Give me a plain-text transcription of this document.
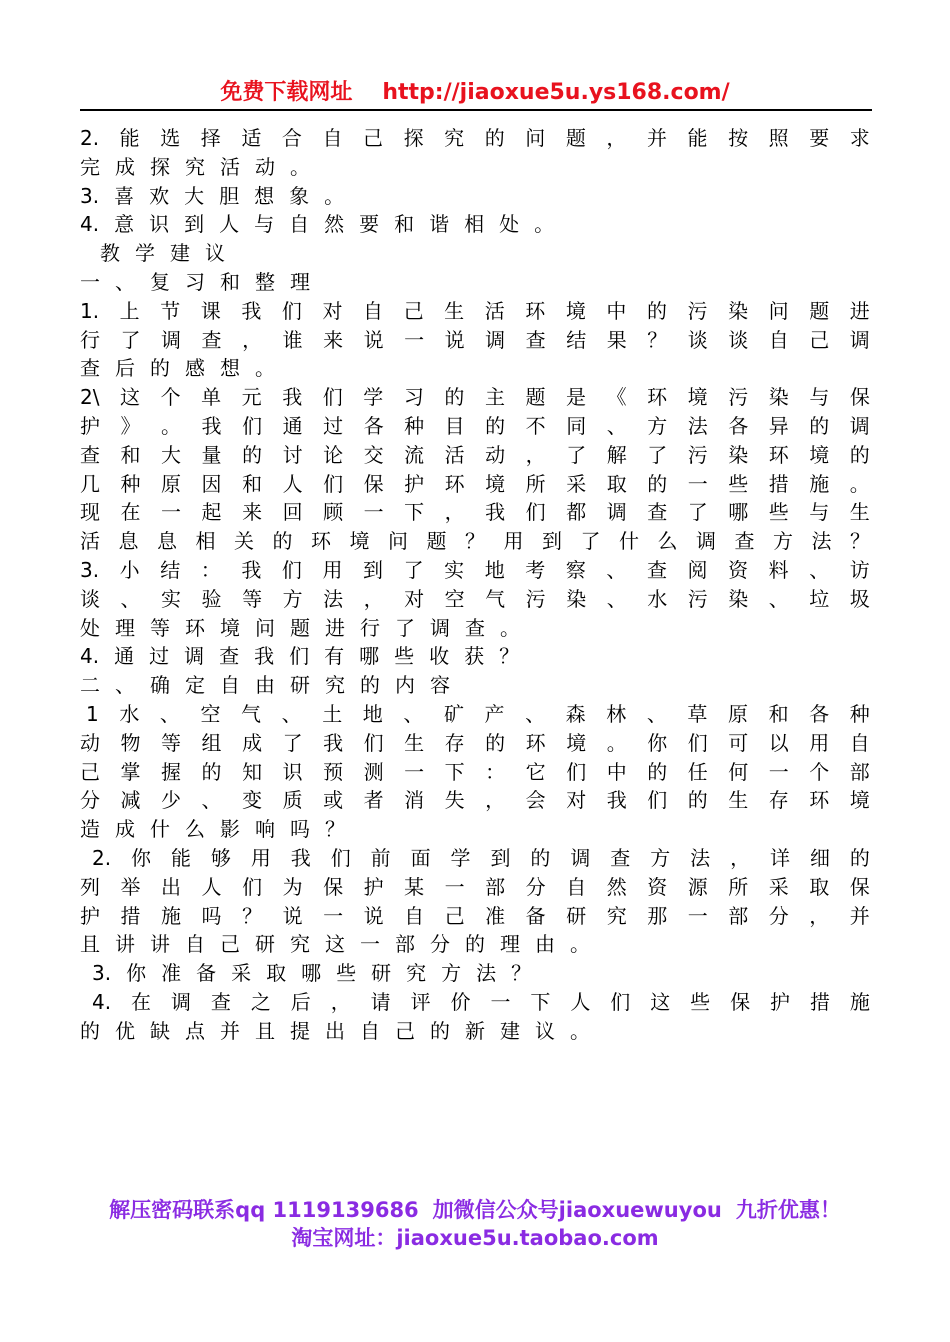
免费下载网址 http://jiaoxue5u.ys168.com/
2. 能 选 择 适 合 自 己 探 究 的 问 题 ， 并 能 按 照 要 求
完 成 探 究 活 动 。
3. 喜 欢 大 胆 想 象 。
4. 意 识 到 人 与 自 然 要 和 谐 相 处 。
教 学 建 议
一 、 复 习 和 整 理
1. 上 节 课 我 们 对 自 己 生 活 环 境 中 的 污 染 问 题 进
行 了 调 查 ， 谁 来 说 一 说 调 查 结 果 ？ 谈 谈 自 己 调
查 后 的 感 想 。
2\ 这 个 单 元 我 们 学 习 的 主 题 是 《 环 境 污 染 与 保
护 》 。 我 们 通 过 各 种 目 的 不 同 、 方 法 各 异 的 调
查 和 大 量 的 讨 论 交 流 活 动 ， 了 解 了 污 染 环 境 的
几 种 原 因 和 人 们 保 护 环 境 所 采 取 的 一 些 措 施 。
现 在 一 起 来 回 顾 一 下 ， 我 们 都 调 查 了 哪 些 与 生
活 息 息 相 关 的 环 境 问 题 ？ 用 到 了 什 么 调 查 方 法 ？
3. 小 结 ： 我 们 用 到 了 实 地 考 察 、 查 阅 资 料 、 访
谈 、 实 验 等 方 法 ， 对 空 气 污 染 、 水 污 染 、 垃 圾
处 理 等 环 境 问 题 进 行 了 调 查 。
4. 通 过 调 查 我 们 有 哪 些 收 获 ？
二 、 确 定 自 由 研 究 的 内 容
1 水 、 空 气 、 土 地 、 矿 产 、 森 林 、 草 原 和 各 种
动 物 等 组 成 了 我 们 生 存 的 环 境 。 你 们 可 以 用 自
己 掌 握 的 知 识 预 测 一 下 ： 它 们 中 的 任 何 一 个 部
分 减 少 、 变 质 或 者 消 失 ， 会 对 我 们 的 生 存 环 境
造 成 什 么 影 响 吗 ？
2. 你 能 够 用 我 们 前 面 学 到 的 调 查 方 法 ， 详 细 的
列 举 出 人 们 为 保 护 某 一 部 分 自 然 资 源 所 采 取 保
护 措 施 吗 ？ 说 一 说 自 己 准 备 研 究 那 一 部 分 ， 并
且 讲 讲 自 己 研 究 这 一 部 分 的 理 由 。
3. 你 准 备 采 取 哪 些 研 究 方 法 ？
4. 在 调 查 之 后 ， 请 评 价 一 下 人 们 这 些 保 护 措 施
的 优 缺 点 并 且 提 出 自 己 的 新 建 议 。
解压密码联系qq 1119139686 加微信公众号jiaoxuewuyou 九折优惠！
淘宝网址：jiaoxue5u.taobao.com
